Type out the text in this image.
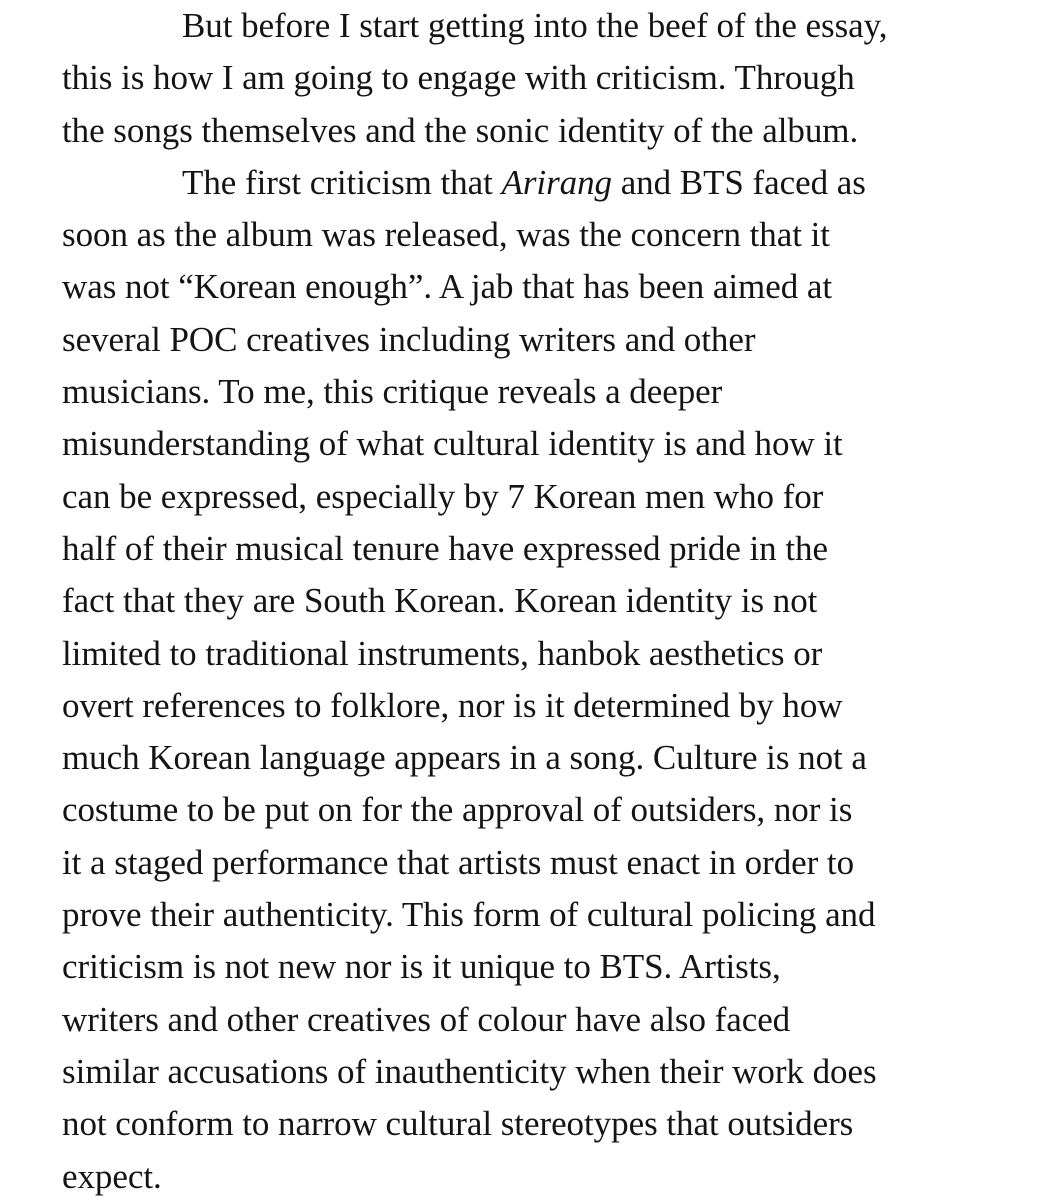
But before I start getting into the beef of the essay,
this is how I am going to engage with criticism. Through
the songs themselves and the sonic identity of the album.
The first criticism that Arirang and BTS faced as
soon as the album was released, was the concern that it
was not “Korean enough”. A jab that has been aimed at
several POC creatives including writers and other
musicians. To me, this critique reveals a deeper
misunderstanding of what cultural identity is and how it
can be expressed, especially by 7 Korean men who for
half of their musical tenure have expressed pride in the
fact that they are South Korean. Korean identity is not
limited to traditional instruments, hanbok aesthetics or
overt references to folklore, nor is it determined by how
much Korean language appears in a song. Culture is not a
costume to be put on for the approval of outsiders, nor is
it a staged performance that artists must enact in order to
prove their authenticity. This form of cultural policing and
criticism is not new nor is it unique to BTS. Artists,
writers and other creatives of colour have also faced
similar accusations of inauthenticity when their work does
not conform to narrow cultural stereotypes that outsiders
expect.
